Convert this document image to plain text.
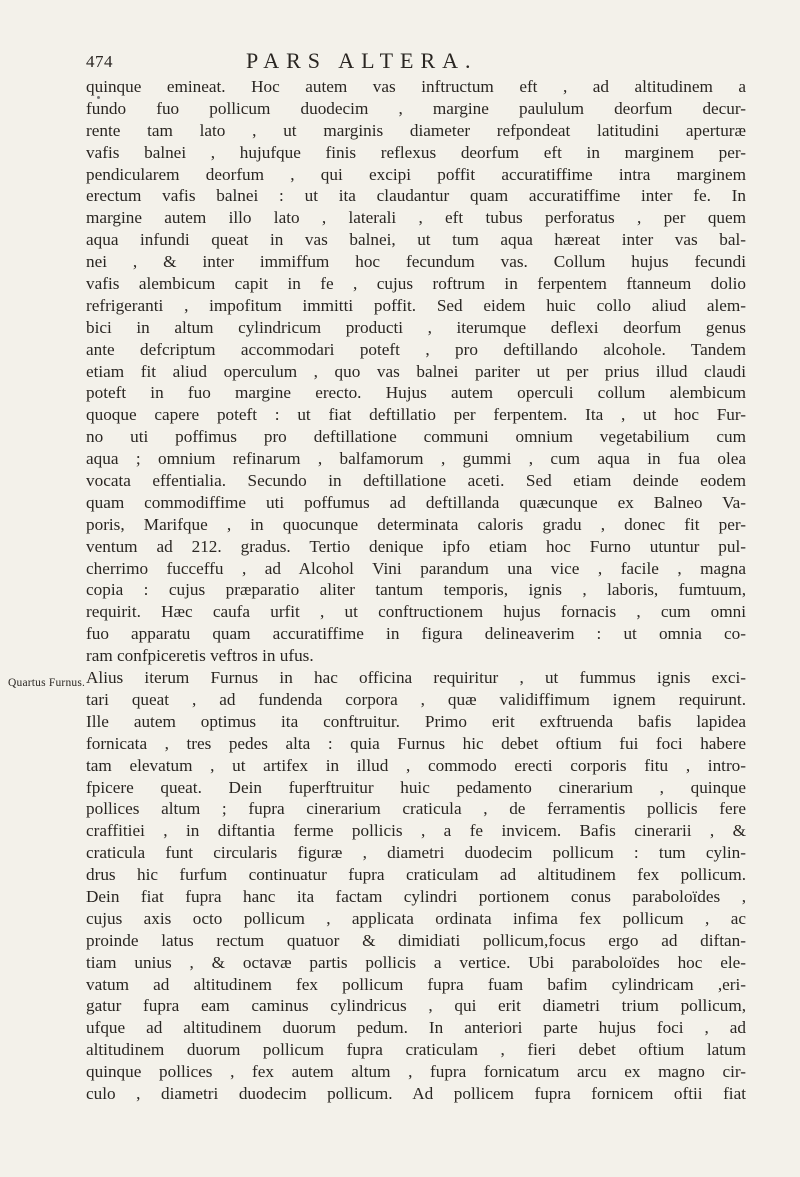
474	PARS ALTERA.
Quartus Furnus.
quinque emineat. Hoc autem vas inftructum eft , ad altitudinem a
fundo fuo pollicum duodecim , margine paululum deorfum decur-
rente tam lato , ut marginis diameter refpondeat latitudini aperturæ
vafis balnei , hujufque finis reflexus deorfum eft in marginem per-
pendicularem deorfum , qui excipi poffit accuratiffime intra marginem
erectum vafis balnei : ut ita claudantur quam accuratiffime inter fe. In
margine autem illo lato , laterali , eft tubus perforatus , per quem
aqua infundi queat in vas balnei, ut tum aqua hæreat inter vas bal-
nei , & inter immiffum hoc fecundum vas. Collum hujus fecundi
vafis alembicum capit in fe , cujus roftrum in ferpentem ftanneum dolio
refrigeranti , impofitum immitti poffit. Sed eidem huic collo aliud alem-
bici in altum cylindricum producti , iterumque deflexi deorfum genus
ante defcriptum accommodari poteft , pro deftillando alcohole. Tandem
etiam fit aliud operculum , quo vas balnei pariter ut per prius illud claudi
poteft in fuo margine erecto. Hujus autem operculi collum alembicum
quoque capere poteft : ut fiat deftillatio per ferpentem. Ita , ut hoc Fur-
no uti poffimus pro deftillatione communi omnium vegetabilium cum
aqua ; omnium refinarum , balfamorum , gummi , cum aqua in fua olea
vocata effentialia. Secundo in deftillatione aceti. Sed etiam deinde eodem
quam commodiffime uti poffumus ad deftillanda quæcunque ex Balneo Va-
poris, Marifque , in quocunque determinata caloris gradu , donec fit per-
ventum ad 212. gradus. Tertio denique ipfo etiam hoc Furno utuntur pul-
cherrimo fucceffu , ad Alcohol Vini parandum una vice , facile , magna
copia : cujus præparatio aliter tantum temporis, ignis , laboris, fumtuum,
requirit. Hæc caufa urfit , ut conftructionem hujus fornacis , cum omni
fuo apparatu quam accuratiffime in figura delineaverim : ut omnia co-
ram confpiceretis veftros in ufus.
Alius iterum Furnus in hac officina requiritur , ut fummus ignis exci-
tari queat , ad fundenda corpora , quæ validiffimum ignem requirunt.
Ille autem optimus ita conftruitur. Primo erit exftruenda bafis lapidea
fornicata , tres pedes alta : quia Furnus hic debet oftium fui foci habere
tam elevatum , ut artifex in illud , commodo erecti corporis fitu , intro-
fpicere queat. Dein fuperftruitur huic pedamento cinerarium , quinque
pollices altum ; fupra cinerarium craticula , de ferramentis pollicis fere
craffitiei , in diftantia ferme pollicis , a fe invicem. Bafis cinerarii , &
craticula funt circularis figuræ , diametri duodecim pollicum : tum cylin-
drus hic furfum continuatur fupra craticulam ad altitudinem fex pollicum.
Dein fiat fupra hanc ita factam cylindri portionem conus paraboloïdes ,
cujus axis octo pollicum , applicata ordinata infima fex pollicum , ac
proinde latus rectum quatuor & dimidiati pollicum,focus ergo ad diftan-
tiam unius , & octavæ partis pollicis a vertice. Ubi paraboloïdes hoc ele-
vatum ad altitudinem fex pollicum fupra fuam bafim cylindricam ,eri-
gatur fupra eam caminus cylindricus , qui erit diametri trium pollicum,
ufque ad altitudinem duorum pedum. In anteriori parte hujus foci , ad
altitudinem duorum pollicum fupra craticulam , fieri debet oftium latum
quinque pollices , fex autem altum , fupra fornicatum arcu ex magno cir-
culo , diametri duodecim pollicum. Ad pollicem fupra fornicem oftii fiat
